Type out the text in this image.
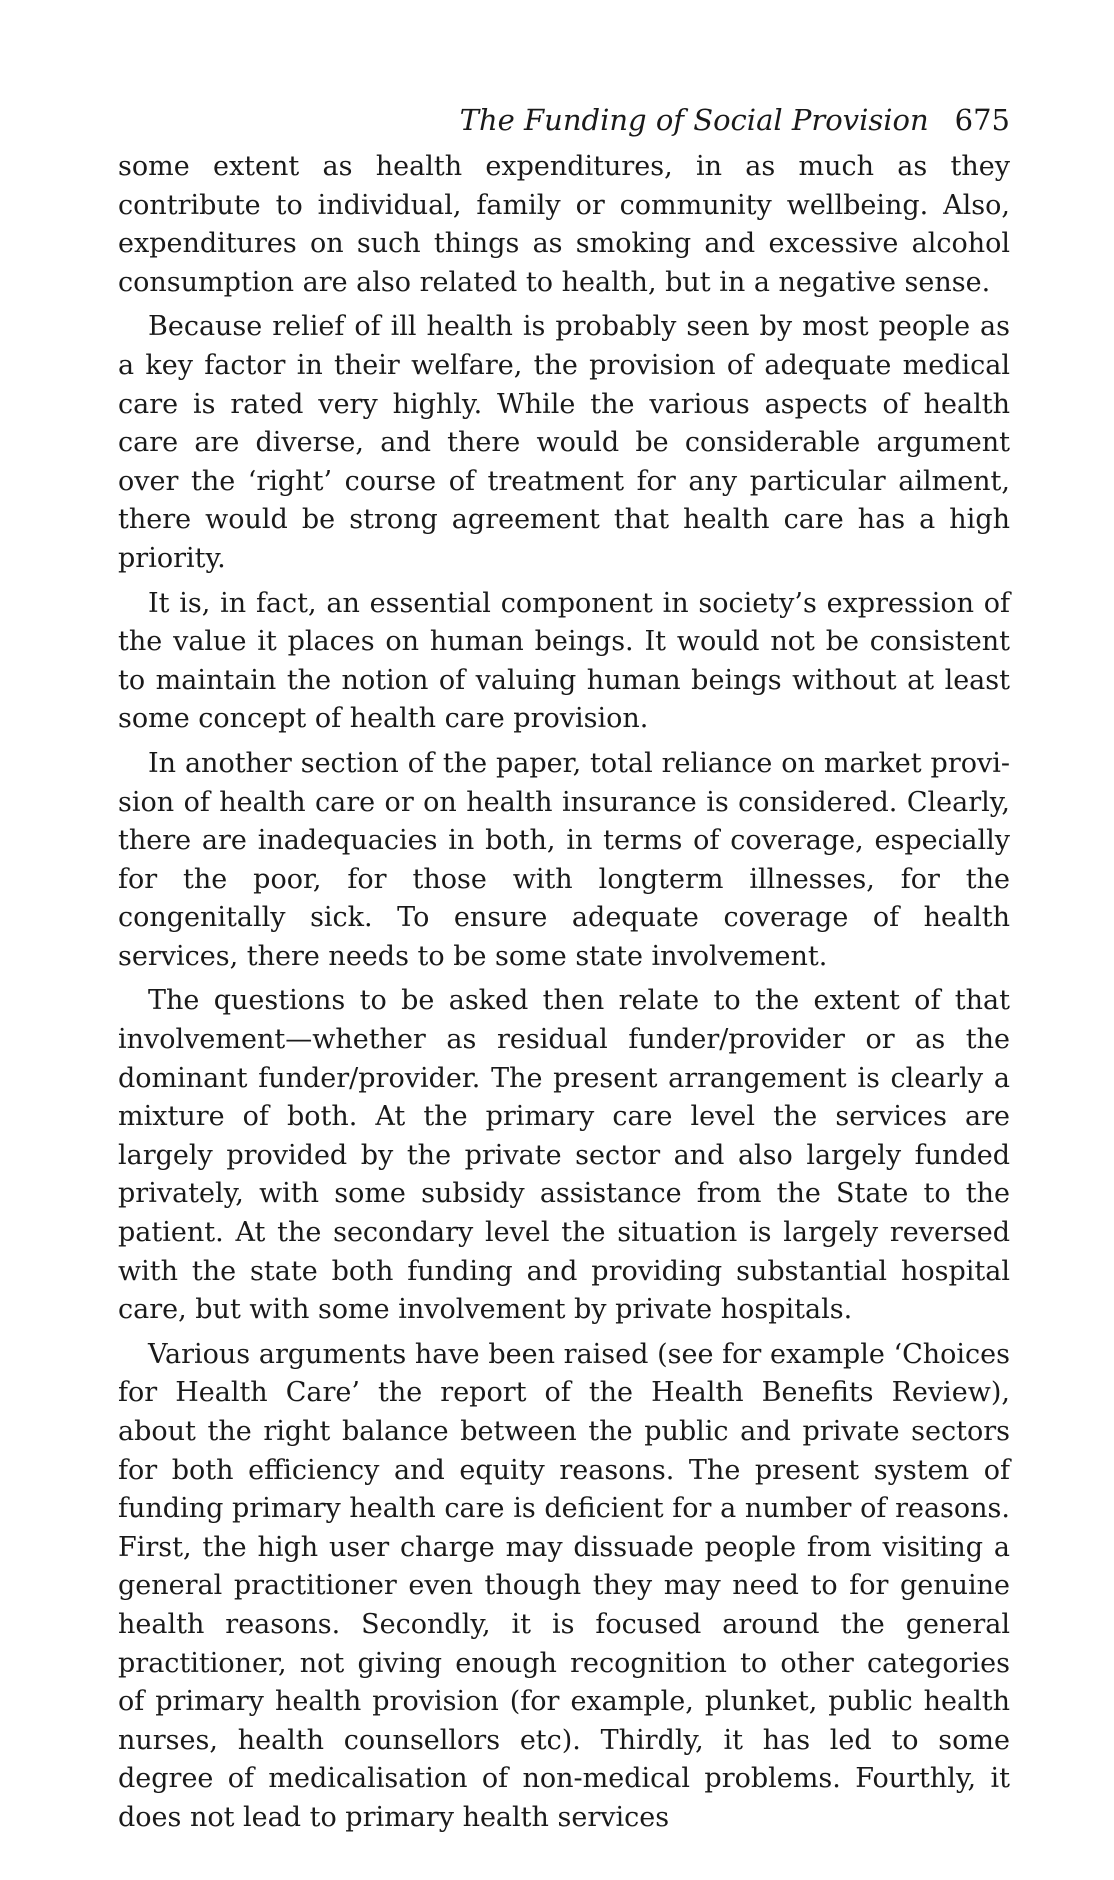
The Funding of Social Provision 675

some extent as health expenditures, in as much as they contribute to individual, family or community wellbeing. Also, expenditures on such things as smoking and excessive alcohol consumption are also related to health, but in a negative sense.

Because relief of ill health is probably seen by most people as a key factor in their welfare, the provision of adequate medical care is rated very highly. While the various aspects of health care are diverse, and there would be considerable argument over the ‘right’ course of treatment for any particular ailment, there would be strong agreement that health care has a high priority.

It is, in fact, an essential component in society’s expression of the value it places on human beings. It would not be consistent to maintain the notion of valuing human beings without at least some concept of health care provision.

In another section of the paper, total reliance on market provision of health care or on health insurance is considered. Clearly, there are inadequacies in both, in terms of coverage, especially for the poor, for those with longterm illnesses, for the congenitally sick. To ensure adequate coverage of health services, there needs to be some state involvement.

The questions to be asked then relate to the extent of that involvement—whether as residual funder/provider or as the dominant funder/provider. The present arrangement is clearly a mixture of both. At the primary care level the services are largely provided by the private sector and also largely funded privately, with some subsidy assistance from the State to the patient. At the secondary level the situation is largely reversed with the state both funding and providing substantial hospital care, but with some involvement by private hospitals.

Various arguments have been raised (see for example ‘Choices for Health Care’ the report of the Health Benefits Review), about the right balance between the public and private sectors for both efficiency and equity reasons. The present system of funding primary health care is deficient for a number of reasons. First, the high user charge may dissuade people from visiting a general practitioner even though they may need to for genuine health reasons. Secondly, it is focused around the general practitioner, not giving enough recognition to other categories of primary health provision (for example, plunket, public health nurses, health counsellors etc). Thirdly, it has led to some degree of medicalisation of non-medical problems. Fourthly, it does not lead to primary health services
